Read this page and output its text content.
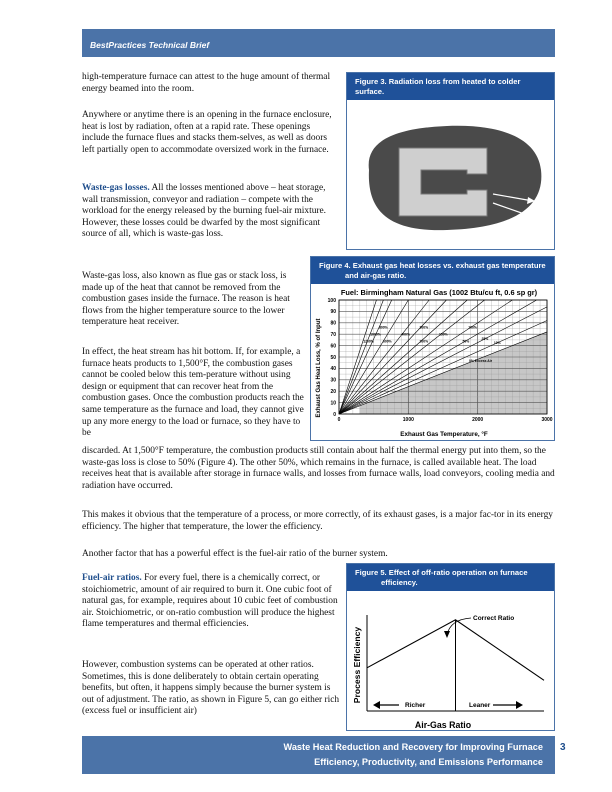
BestPractices Technical Brief
high-temperature furnace can attest to the huge amount of thermal energy beamed into the room.
Anywhere or anytime there is an opening in the furnace enclosure, heat is lost by radiation, often at a rapid rate. These openings include the furnace flues and stacks them-selves, as well as doors left partially open to accommodate oversized work in the furnace.
Waste-gas losses. All the losses mentioned above – heat storage, wall transmission, conveyor and radiation – compete with the workload for the energy released by the burning fuel-air mixture. However, these losses could be dwarfed by the most significant source of all, which is waste-gas loss.
Waste-gas loss, also known as flue gas or stack loss, is made up of the heat that cannot be removed from the combustion gases inside the furnace. The reason is heat flows from the higher temperature source to the lower temperature heat receiver.
In effect, the heat stream has hit bottom. If, for example, a furnace heats products to 1,500°F, the combustion gases cannot be cooled below this tem-perature without using design or equipment that can recover heat from the combustion gases. Once the combustion products reach the same temperature as the furnace and load, they cannot give up any more energy to the load or furnace, so they have to be
discarded. At 1,500°F temperature, the combustion products still contain about half the thermal energy put into them, so the waste-gas loss is close to 50% (Figure 4). The other 50%, which remains in the furnace, is called available heat. The load receives heat that is available after storage in furnace walls, and losses from furnace walls, load conveyors, cooling media and radiation have occurred.
This makes it obvious that the temperature of a process, or more correctly, of its exhaust gases, is a major fac-tor in its energy efficiency. The higher that temperature, the lower the efficiency.
Another factor that has a powerful effect is the fuel-air ratio of the burner system.
Fuel-air ratios. For every fuel, there is a chemically correct, or stoichiometric, amount of air required to burn it. One cubic foot of natural gas, for example, requires about 10 cubic feet of combustion air. Stoichiometric, or on-ratio combustion will produce the highest flame temperatures and thermal efficiencies.
However, combustion systems can be operated at other ratios. Sometimes, this is done deliberately to obtain certain operating benefits, but often, it happens simply because the burner system is out of adjustment. The ratio, as shown in Figure 5, can go either rich (excess fuel or insufficient air)
Figure 3. Radiation loss from heated to colder surface.
Figure 4. Exhaust gas heat losses vs. exhaust gas temperature
and air-gas ratio.
Fuel: Birmingham Natural Gas (1002 Btu/cu ft, 0.6 sp gr)
Exhaust Gas Heat Loss, % of Input
Exhaust Gas Temperature, °F
1200%
1000%
800%
600%
400%
300%
200%
150%
100%
50%
25%
10%
0% Excess Air
0	1000	2000	3000
0
10
20
30
40
50
60
70
80
90
100
Figure 5. Effect of off-ratio operation on furnace
efficiency.
Process Efficiency
Air-Gas Ratio
Correct Ratio
Richer	Leaner
Waste Heat Reduction and Recovery for Improving Furnace
Efficiency, Productivity, and Emissions Performance
3
